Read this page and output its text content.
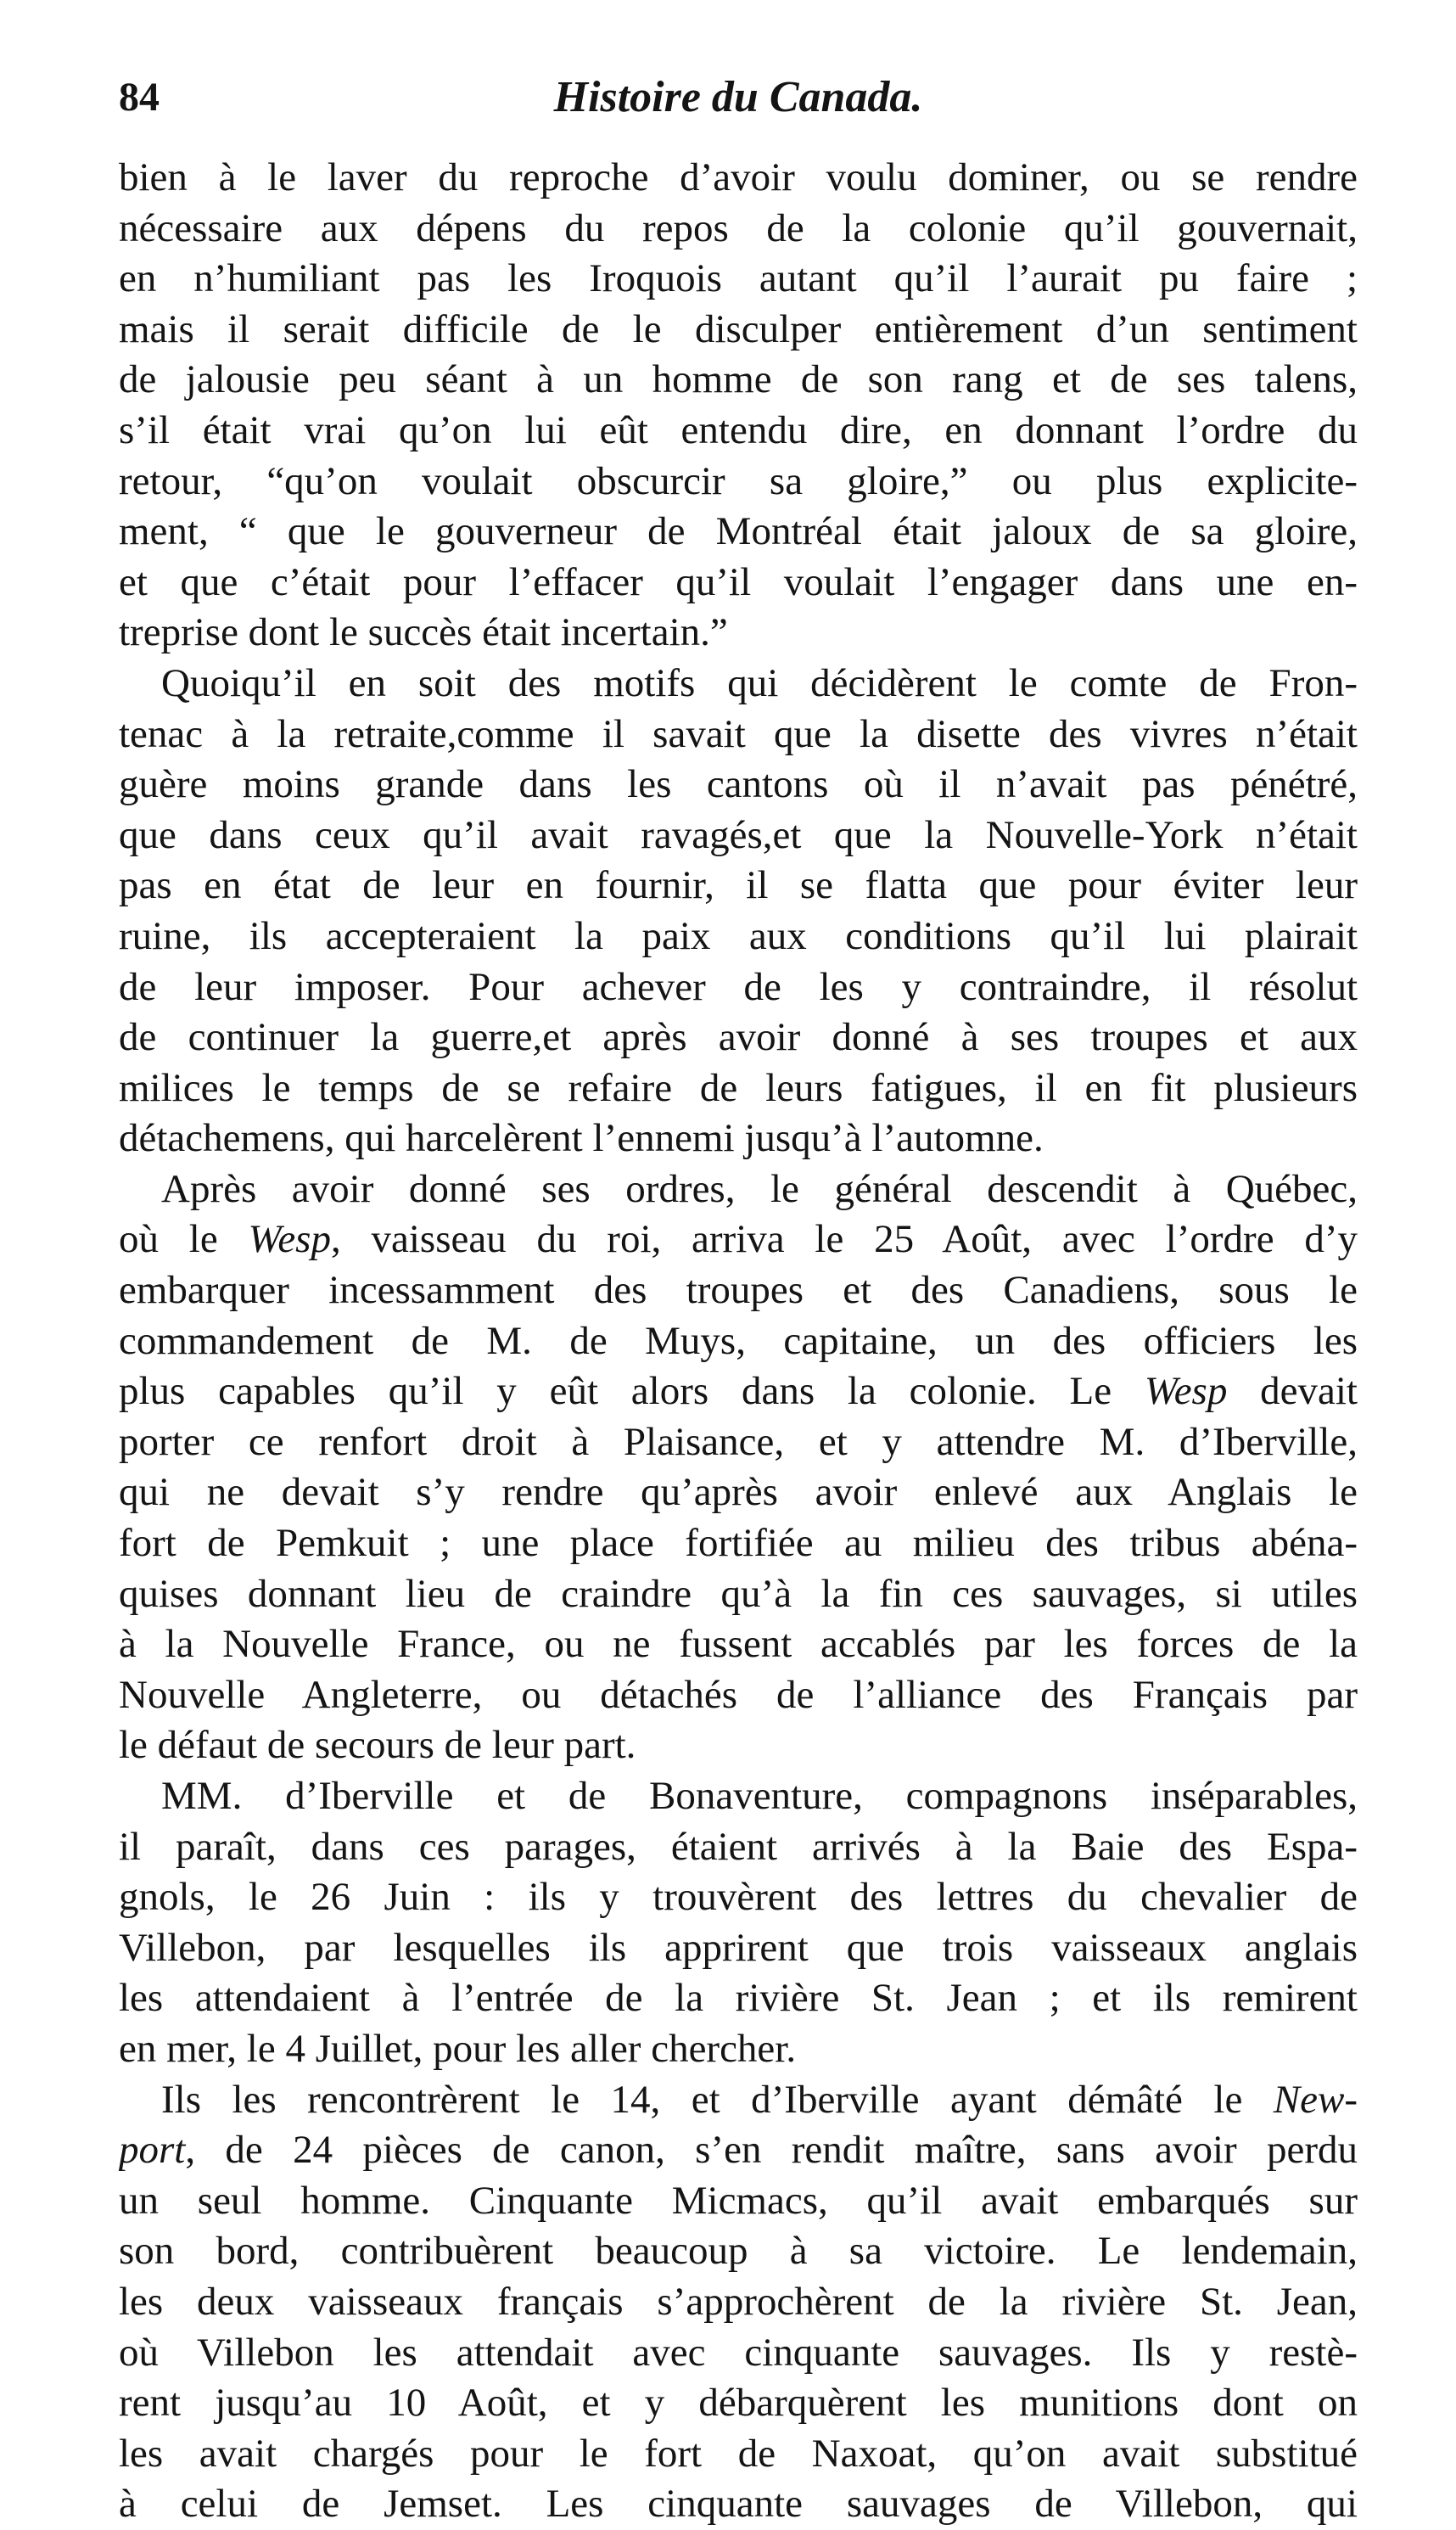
84	Histoire du Canada.
bien à le laver du reproche d’avoir voulu dominer, ou se rendre
nécessaire aux dépens du repos de la colonie qu’il gouvernait,
en n’humiliant pas les Iroquois autant qu’il l’aurait pu faire ;
mais il serait difficile de le disculper entièrement d’un sentiment
de jalousie peu séant à un homme de son rang et de ses talens,
s’il était vrai qu’on lui eût entendu dire, en donnant l’ordre du
retour, “qu’on voulait obscurcir sa gloire,” ou plus explicite-
ment, “ que le gouverneur de Montréal était jaloux de sa gloire,
et que c’était pour l’effacer qu’il voulait l’engager dans une en-
treprise dont le succès était incertain.”
Quoiqu’il en soit des motifs qui décidèrent le comte de Fron-
tenac à la retraite,comme il savait que la disette des vivres n’était
guère moins grande dans les cantons où il n’avait pas pénétré,
que dans ceux qu’il avait ravagés,et que la Nouvelle-York n’était
pas en état de leur en fournir, il se flatta que pour éviter leur
ruine, ils accepteraient la paix aux conditions qu’il lui plairait
de leur imposer. Pour achever de les y contraindre, il résolut
de continuer la guerre,et après avoir donné à ses troupes et aux
milices le temps de se refaire de leurs fatigues, il en fit plusieurs
détachemens, qui harcelèrent l’ennemi jusqu’à l’automne.
Après avoir donné ses ordres, le général descendit à Québec,
où le Wesp, vaisseau du roi, arriva le 25 Août, avec l’ordre d’y
embarquer incessamment des troupes et des Canadiens, sous le
commandement de M. de Muys, capitaine, un des officiers les
plus capables qu’il y eût alors dans la colonie. Le Wesp devait
porter ce renfort droit à Plaisance, et y attendre M. d’Iberville,
qui ne devait s’y rendre qu’après avoir enlevé aux Anglais le
fort de Pemkuit ; une place fortifiée au milieu des tribus abéna-
quises donnant lieu de craindre qu’à la fin ces sauvages, si utiles
à la Nouvelle France, ou ne fussent accablés par les forces de la
Nouvelle Angleterre, ou détachés de l’alliance des Français par
le défaut de secours de leur part.
MM. d’Iberville et de Bonaventure, compagnons inséparables,
il paraît, dans ces parages, étaient arrivés à la Baie des Espa-
gnols, le 26 Juin : ils y trouvèrent des lettres du chevalier de
Villebon, par lesquelles ils apprirent que trois vaisseaux anglais
les attendaient à l’entrée de la rivière St. Jean ; et ils remirent
en mer, le 4 Juillet, pour les aller chercher.
Ils les rencontrèrent le 14, et d’Iberville ayant démâté le New-
port, de 24 pièces de canon, s’en rendit maître, sans avoir perdu
un seul homme. Cinquante Micmacs, qu’il avait embarqués sur
son bord, contribuèrent beaucoup à sa victoire. Le lendemain,
les deux vaisseaux français s’approchèrent de la rivière St. Jean,
où Villebon les attendait avec cinquante sauvages. Ils y restè-
rent jusqu’au 10 Août, et y débarquèrent les munitions dont on
les avait chargés pour le fort de Naxoat, qu’on avait substitué
à celui de Jemset. Les cinquante sauvages de Villebon, qui
